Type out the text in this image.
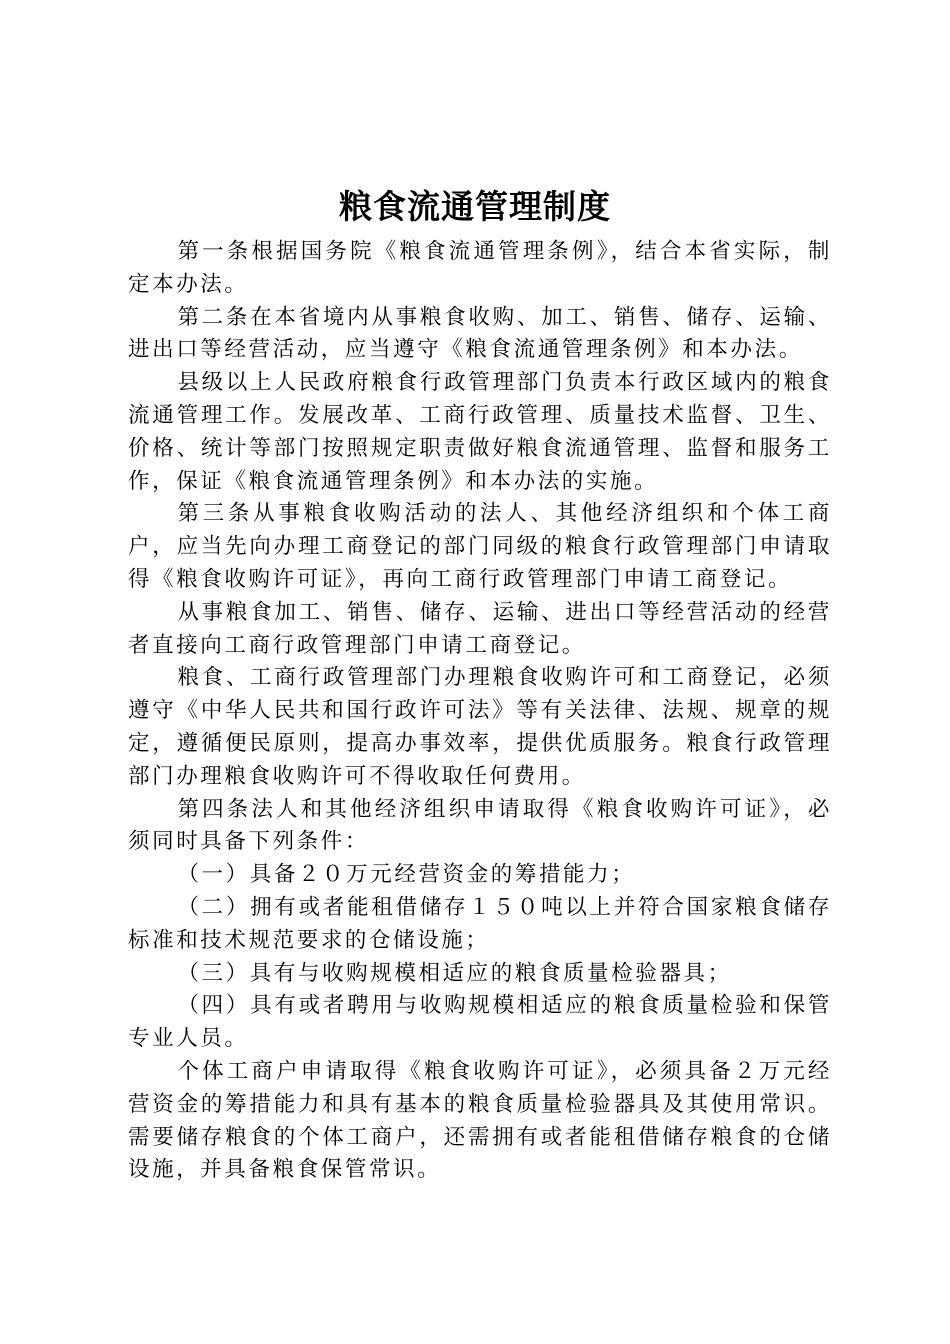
粮食流通管理制度

第一条根据国务院《粮食流通管理条例》，结合本省实际，制定本办法。

第二条在本省境内从事粮食收购、加工、销售、储存、运输、进出口等经营活动，应当遵守《粮食流通管理条例》和本办法。

县级以上人民政府粮食行政管理部门负责本行政区域内的粮食流通管理工作。发展改革、工商行政管理、质量技术监督、卫生、价格、统计等部门按照规定职责做好粮食流通管理、监督和服务工作，保证《粮食流通管理条例》和本办法的实施。

第三条从事粮食收购活动的法人、其他经济组织和个体工商户，应当先向办理工商登记的部门同级的粮食行政管理部门申请取得《粮食收购许可证》，再向工商行政管理部门申请工商登记。

从事粮食加工、销售、储存、运输、进出口等经营活动的经营者直接向工商行政管理部门申请工商登记。

粮食、工商行政管理部门办理粮食收购许可和工商登记，必须遵守《中华人民共和国行政许可法》等有关法律、法规、规章的规定，遵循便民原则，提高办事效率，提供优质服务。粮食行政管理部门办理粮食收购许可不得收取任何费用。

第四条法人和其他经济组织申请取得《粮食收购许可证》，必须同时具备下列条件：

（一）具备２０万元经营资金的筹措能力；

（二）拥有或者能租借储存１５０吨以上并符合国家粮食储存标准和技术规范要求的仓储设施；

（三）具有与收购规模相适应的粮食质量检验器具；

（四）具有或者聘用与收购规模相适应的粮食质量检验和保管专业人员。

个体工商户申请取得《粮食收购许可证》，必须具备２万元经营资金的筹措能力和具有基本的粮食质量检验器具及其使用常识。需要储存粮食的个体工商户，还需拥有或者能租借储存粮食的仓储设施，并具备粮食保管常识。
